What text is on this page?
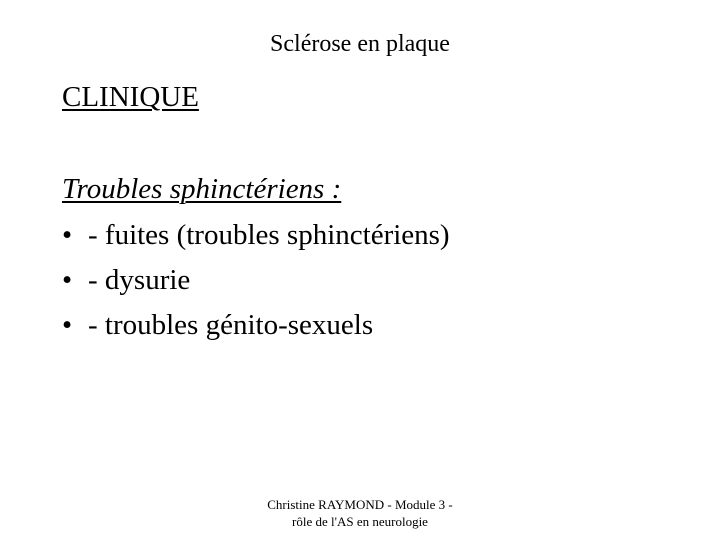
Sclérose en plaque
CLINIQUE
Troubles sphinctériens :
• - fuites (troubles sphinctériens)
• - dysurie
• - troubles génito-sexuels
Christine RAYMOND - Module 3 -
rôle de l'AS en neurologie
